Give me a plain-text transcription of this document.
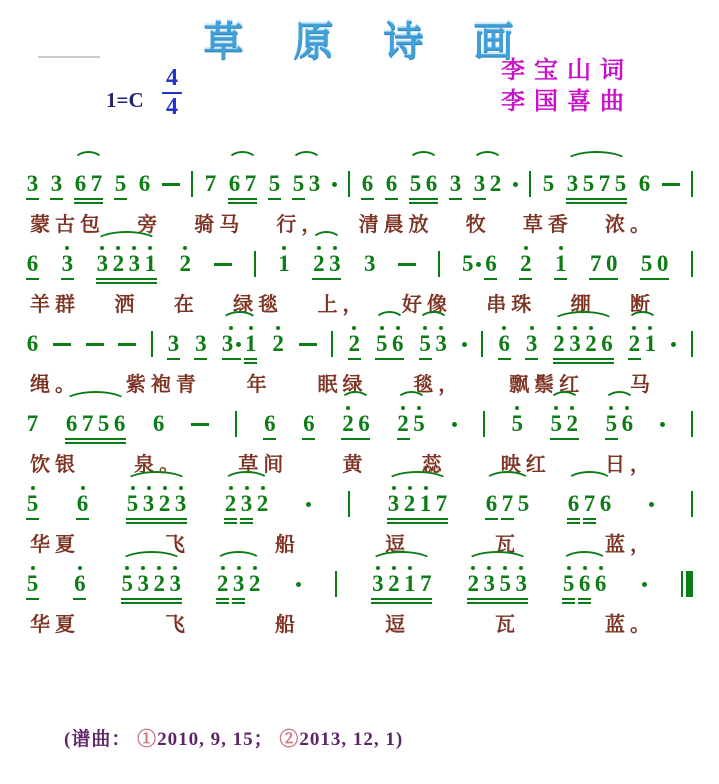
草 原 诗 画
1=C
4
4
李宝山词
李国喜曲
3 3 6 7 5 6 7 6 7 5 5 3 6 6 5 6 3 3 2 5 3 5 7 5 6
蒙古包 旁 骑马 行， 清晨放 牧 草香 浓。
6 3 3 2 3 1 2	1 2 3 3	5 6 2 1 7 0 5 0
羊群 洒 在 绿毯 上， 好像 串珠 绷 断
6	3 3 3 1 2	2 5 6 5 3 6 3 2 3 2 6 2 1
绳。 紫袍青 年 眠绿 毯， 飘鬃红 马
7 6 7 5 6 6	6 6 2 6 2 5	5 5 2 5 6
饮银	泉。	草间	黄	蕊	映红	日，
5 6 5 3 2 3 2 3 2	3 2 1 7 6 7 5 6 7 6
华夏	飞	船	逗	瓦	蓝，
5 6 5 3 2 3 2 3 2	3 2 1 7 2 3 5 3 5 6 6
华夏	飞	船	逗	瓦	蓝。
(谱曲： ①2010, 9, 15； ②2013, 12, 1)
